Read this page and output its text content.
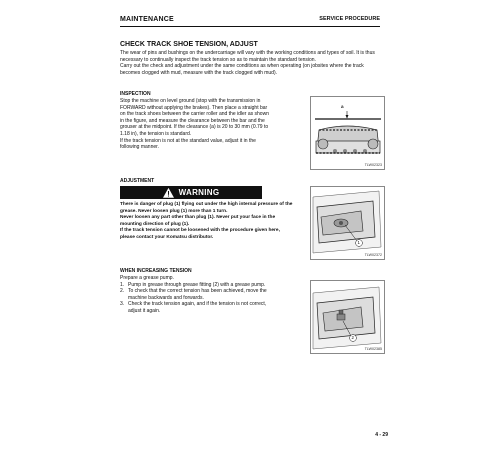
MAINTENANCE	SERVICE PROCEDURE
CHECK TRACK SHOE TENSION, ADJUST
The wear of pins and bushings on the undercarriage will vary with the working conditions and types of soil. It is thus
necessary to continually inspect the track tension so as to maintain the standard tension.
Carry out the check and adjustment under the same conditions as when operating (on jobsites where the track
becomes clogged with mud, measure with the track clogged with mud).
INSPECTION
Stop the machine on level ground (stop with the transmission in
FORWARD without applying the brakes). Then place a straight bar
on the track shoes between the carrier roller and the idler as shown
in the figure, and measure the clearance between the bar and the
grouser at the midpoint. If the clearance (a) is 20 to 30 mm (0.79 to
1.18 in), the tension is standard.
If the track tension is not at the standard value, adjust it in the
following manner.
a
TLW02323
ADJUSTMENT
WARNING
There is danger of plug (1) flying out under the high internal pressure of the
grease. Never loosen plug (1) more than 1 turn.
Never loosen any part other than plug (1). Never put your face in the
mounting direction of plug (1).
If the track tension cannot be loosened with the procedure given here,
please contact your Komatsu distributor.
1
TLW02372
WHEN INCREASING TENSION
Prepare a grease pump.
1. Pump in grease through grease fitting (2) with a grease pump.
2. To check that the correct tension has been achieved, move the
machine backwards and forwards.
3. Check the track tension again, and if the tension is not correct,
adjust it again.
2
TLW02385
4 - 29
